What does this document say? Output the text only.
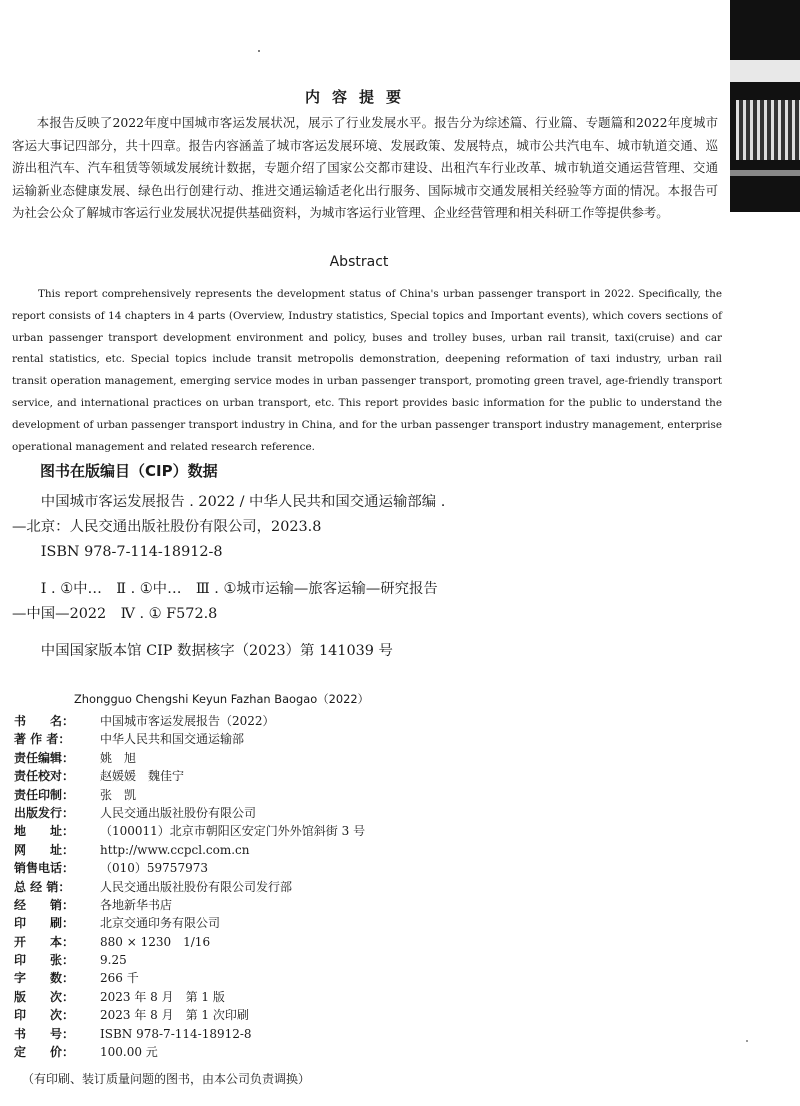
内容提要
本报告反映了2022年度中国城市客运发展状况，展示了行业发展水平。报告分为综述篇、行业篇、专题篇和2022年度城市客运大事记四部分，共十四章。报告内容涵盖了城市客运发展环境、发展政策、发展特点，城市公共汽电车、城市轨道交通、巡游出租汽车、汽车租赁等领域发展统计数据，专题介绍了国家公交都市建设、出租汽车行业改革、城市轨道交通运营管理、交通运输新业态健康发展、绿色出行创建行动、推进交通运输适老化出行服务、国际城市交通发展相关经验等方面的情况。本报告可为社会公众了解城市客运行业发展状况提供基础资料，为城市客运行业管理、企业经营管理和相关科研工作等提供参考。
Abstract
This report comprehensively represents the development status of China's urban passenger transport in 2022. Specifically, the report consists of 14 chapters in 4 parts (Overview, Industry statistics, Special topics and Important events), which covers sections of urban passenger transport development environment and policy, buses and trolley buses, urban rail transit, taxi(cruise) and car rental statistics, etc. Special topics include transit metropolis demonstration, deepening reformation of taxi industry, urban rail transit operation management, emerging service modes in urban passenger transport, promoting green travel, age-friendly transport service, and international practices on urban transport, etc. This report provides basic information for the public to understand the development of urban passenger transport industry in China, and for the urban passenger transport industry management, enterprise operational management and related research reference.
图书在版编目（CIP）数据

中国城市客运发展报告 . 2022 / 中华人民共和国交通运输部编 . —北京：人民交通出版社股份有限公司，2023.8

ISBN 978-7-114-18912-8

Ⅰ . ①中…　Ⅱ . ①中…　Ⅲ . ①城市运输—旅客运输—研究报告—中国—2022　Ⅳ . ① F572.8

中国国家版本馆 CIP 数据核字（2023）第 141039 号

Zhongguo Chengshi Keyun Fazhan Baogao（2022）
书　　名： 中国城市客运发展报告（2022）
著 作 者： 中华人民共和国交通运输部
责任编辑： 姚　旭
责任校对： 赵媛媛　魏佳宁
责任印制： 张　凯
出版发行： 人民交通出版社股份有限公司
地　　址： （100011）北京市朝阳区安定门外外馆斜街 3 号
网　　址： http://www.ccpcl.com.cn
销售电话： （010）59757973
总 经 销： 人民交通出版社股份有限公司发行部
经　　销： 各地新华书店
印　　刷： 北京交通印务有限公司
开　　本： 880 × 1230　1/16
印　　张： 9.25
字　　数： 266 千
版　　次： 2023 年 8 月　第 1 版
印　　次： 2023 年 8 月　第 1 次印刷
书　　号： ISBN 978-7-114-18912-8
定　　价： 100.00 元
（有印刷、装订质量问题的图书，由本公司负责调换）
